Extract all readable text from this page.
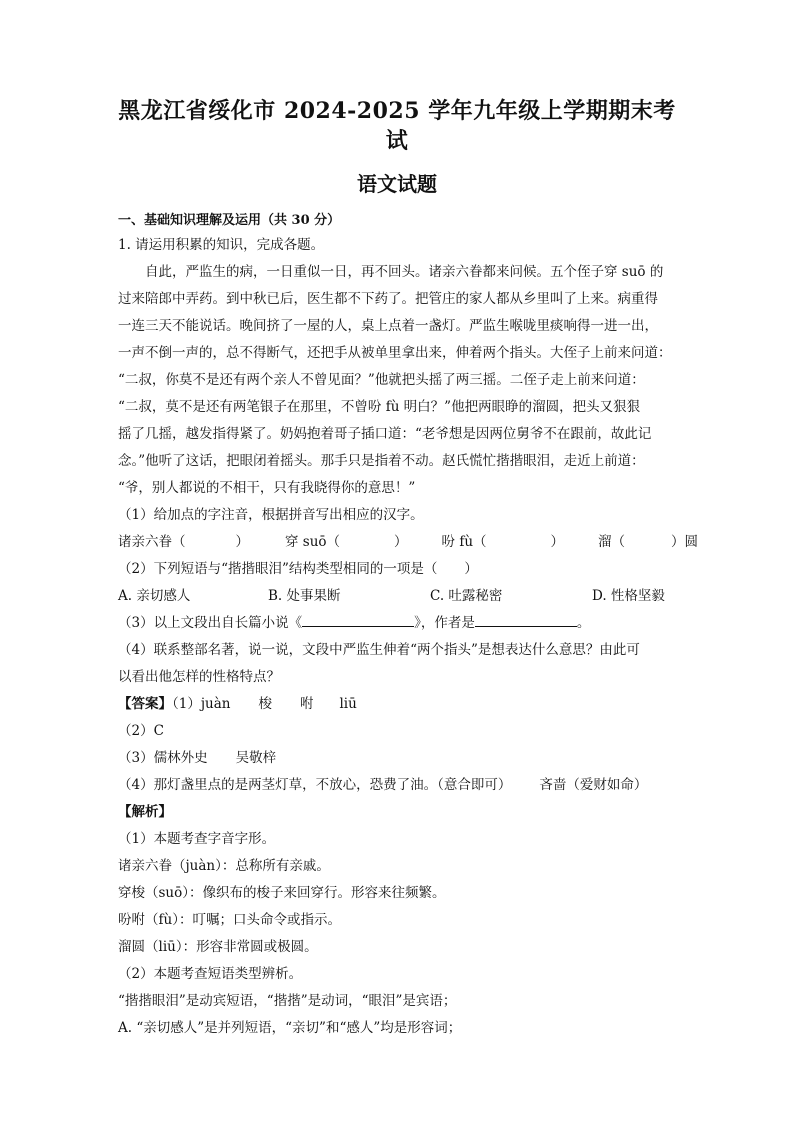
黑龙江省绥化市 2024-2025 学年九年级上学期期末考试
语文试题

一、基础知识理解及运用（共 30 分）

1. 请运用积累的知识，完成各题。

自此，严监生的病，一日重似一日，再不回头。诸亲六眷都来问候。五个侄子穿 suō 的

过来陪郎中弄药。到中秋已后，医生都不下药了。把管庄的家人都从乡里叫了上来。病重得

一连三天不能说话。晚间挤了一屋的人，桌上点着一盏灯。严监生喉咙里痰响得一进一出，

一声不倒一声的，总不得断气，还把手从被单里拿出来，伸着两个指头。大侄子上前来问道：

“二叔，你莫不是还有两个亲人不曾见面？”他就把头摇了两三摇。二侄子走上前来问道：

“二叔，莫不是还有两笔银子在那里，不曾吩 fù 明白？”他把两眼睁的溜圆，把头又狠狠

摇了几摇，越发指得紧了。奶妈抱着哥子插口道：“老爷想是因两位舅爷不在跟前，故此记

念。”他听了这话，把眼闭着摇头。那手只是指着不动。赵氏慌忙揩揩眼泪，走近上前道：

“爷，别人都说的不相干，只有我晓得你的意思！”

（1）给加点的字注音，根据拼音写出相应的汉字。

诸亲六眷（	）	穿 suō（	）	吩 fù（	）	溜（	）圆

（2）下列短语与“揩揩眼泪”结构类型相同的一项是（　　）

A. 亲切感人	B. 处事果断	C. 吐露秘密	D. 性格坚毅

（3）以上文段出自长篇小说《	》，作者是	。

（4）联系整部名著，说一说，文段中严监生伸着“两个指头”是想表达什么意思？由此可

以看出他怎样的性格特点？

【答案】（1）juàn 梭 咐 liū

（2）C

（3）儒林外史 吴敬梓

（4）那灯盏里点的是两茎灯草，不放心，恐费了油。（意合即可） 吝啬（爱财如命）

【解析】

（1）本题考查字音字形。

诸亲六眷（juàn）：总称所有亲戚。

穿梭（suō）：像织布的梭子来回穿行。形容来往频繁。

吩咐（fù）：叮嘱；口头命令或指示。

溜圆（liū）：形容非常圆或极圆。

（2）本题考查短语类型辨析。

“揩揩眼泪”是动宾短语，“揩揩”是动词，“眼泪”是宾语；

A. “亲切感人”是并列短语，“亲切”和“感人”均是形容词；
